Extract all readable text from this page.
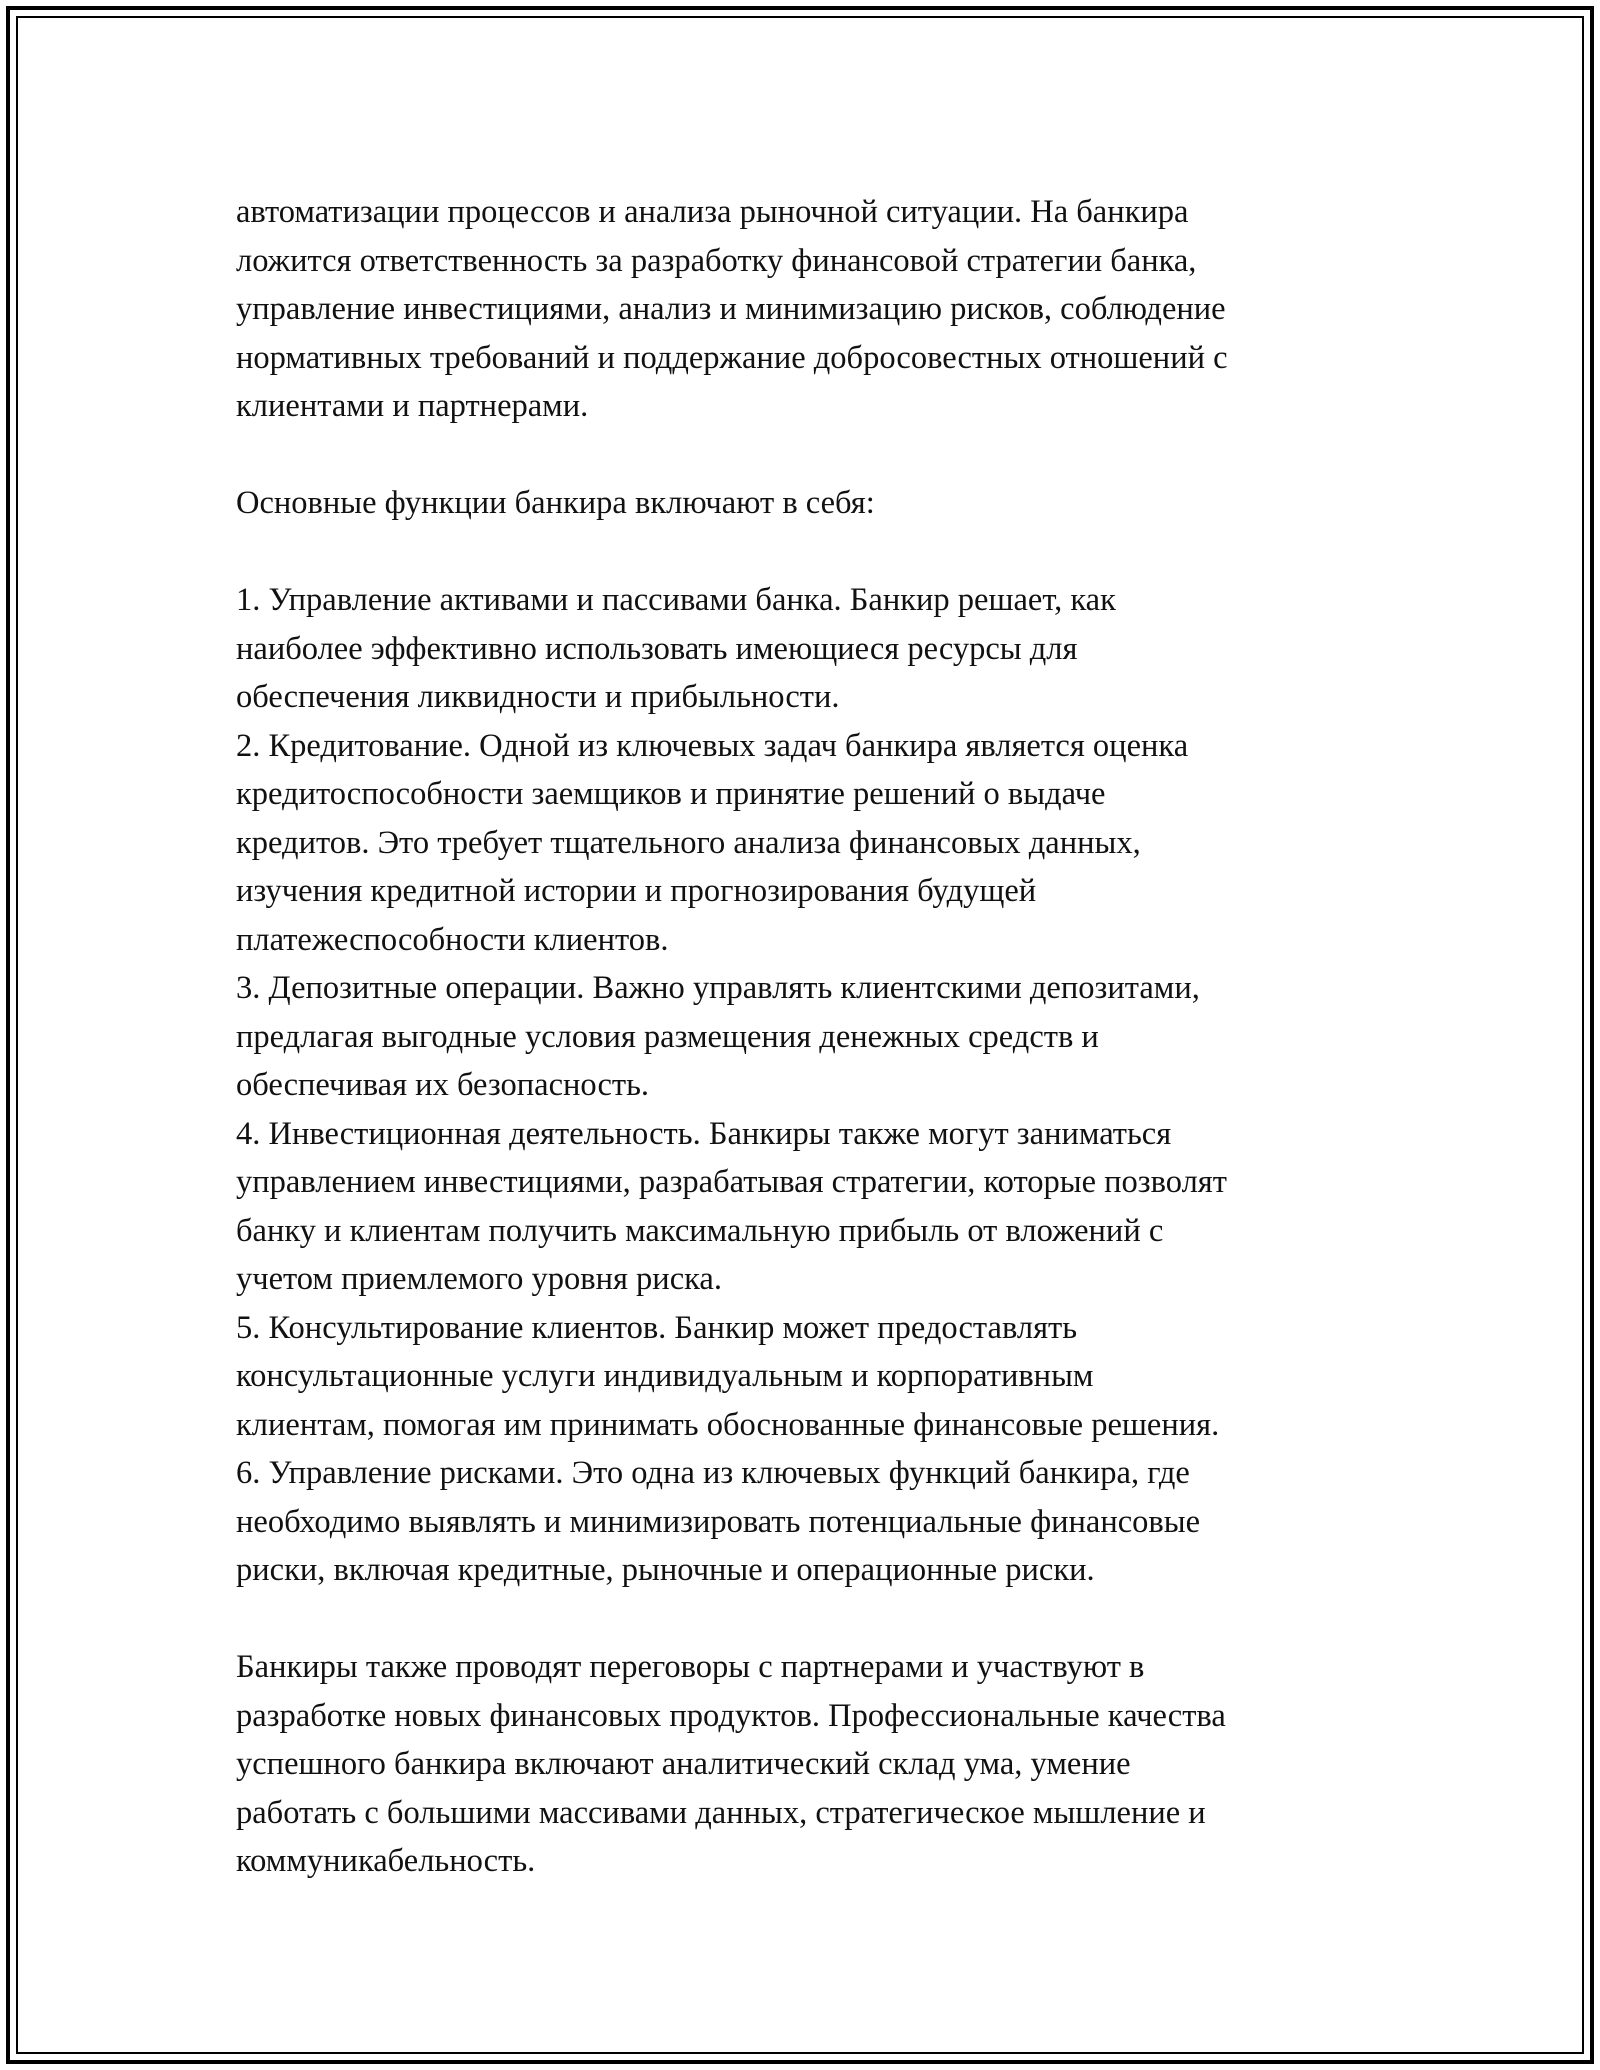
автоматизации процессов и анализа рыночной ситуации. На банкира
ложится ответственность за разработку финансовой стратегии банка,
управление инвестициями, анализ и минимизацию рисков, соблюдение
нормативных требований и поддержание добросовестных отношений с
клиентами и партнерами.

Основные функции банкира включают в себя:

1. Управление активами и пассивами банка. Банкир решает, как
наиболее эффективно использовать имеющиеся ресурсы для
обеспечения ликвидности и прибыльности.
2. Кредитование. Одной из ключевых задач банкира является оценка
кредитоспособности заемщиков и принятие решений о выдаче
кредитов. Это требует тщательного анализа финансовых данных,
изучения кредитной истории и прогнозирования будущей
платежеспособности клиентов.
3. Депозитные операции. Важно управлять клиентскими депозитами,
предлагая выгодные условия размещения денежных средств и
обеспечивая их безопасность.
4. Инвестиционная деятельность. Банкиры также могут заниматься
управлением инвестициями, разрабатывая стратегии, которые позволят
банку и клиентам получить максимальную прибыль от вложений с
учетом приемлемого уровня риска.
5. Консультирование клиентов. Банкир может предоставлять
консультационные услуги индивидуальным и корпоративным
клиентам, помогая им принимать обоснованные финансовые решения.
6. Управление рисками. Это одна из ключевых функций банкира, где
необходимо выявлять и минимизировать потенциальные финансовые
риски, включая кредитные, рыночные и операционные риски.

Банкиры также проводят переговоры с партнерами и участвуют в
разработке новых финансовых продуктов. Профессиональные качества
успешного банкира включают аналитический склад ума, умение
работать с большими массивами данных, стратегическое мышление и
коммуникабельность.
